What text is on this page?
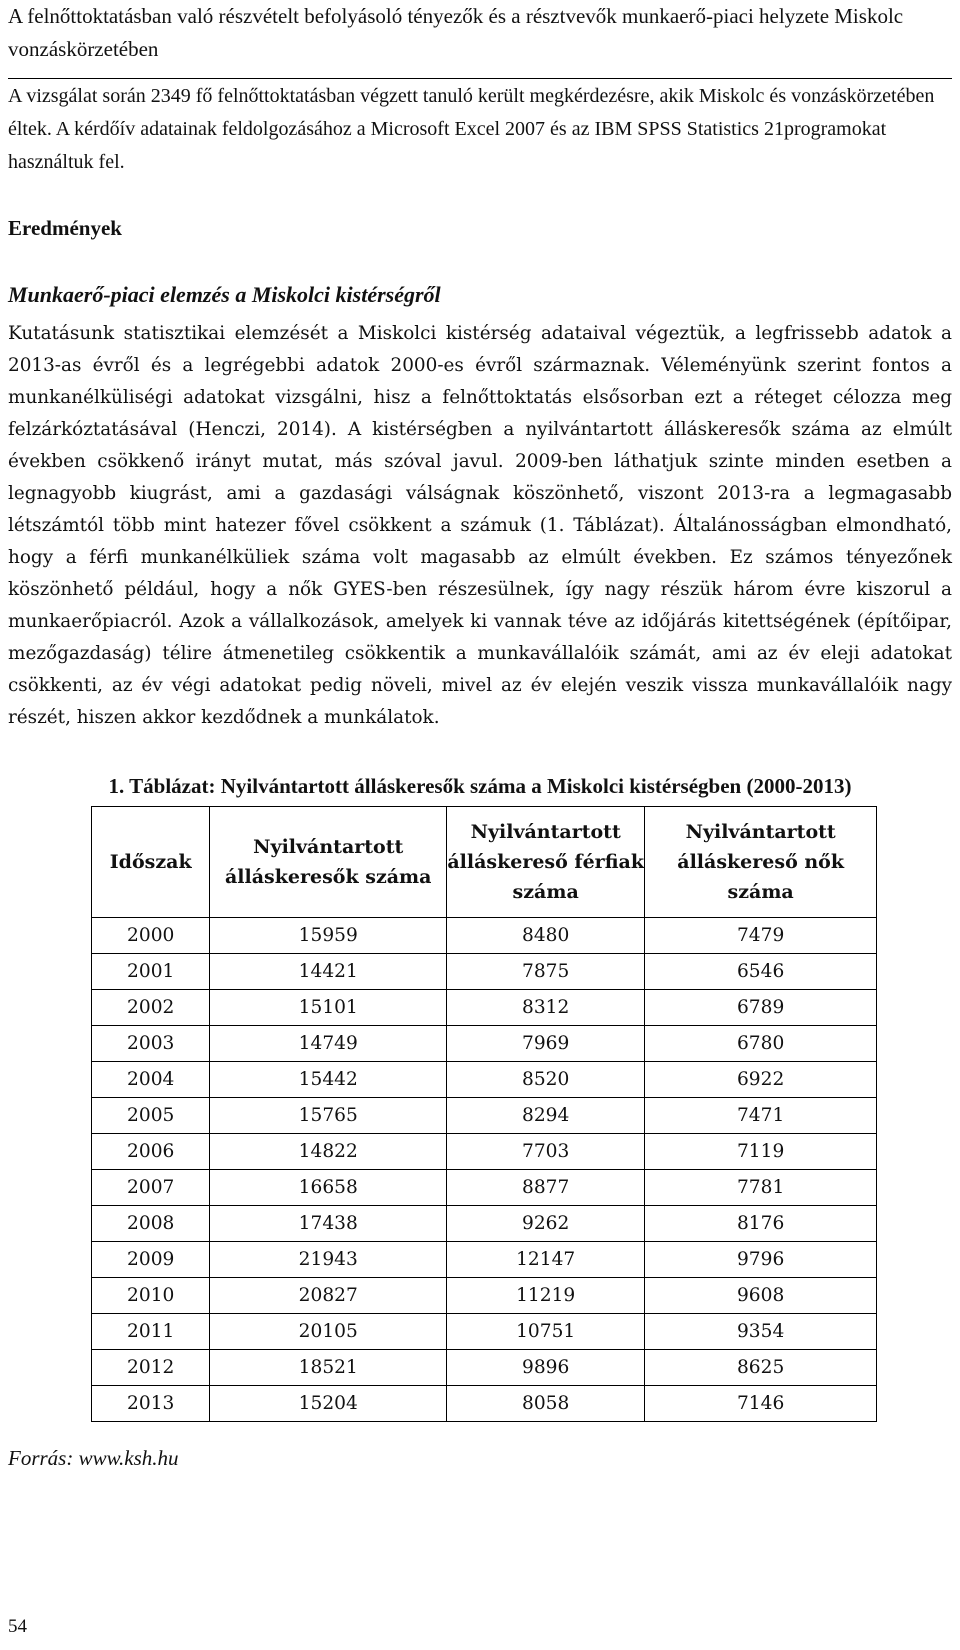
A felnőttoktatásban való részvételt befolyásoló tényezők és a résztvevők munkaerő-piaci helyzete Miskolc vonzáskörzetében

A vizsgálat során 2349 fő felnőttoktatásban végzett tanuló került megkérdezésre, akik Miskolc és vonzáskörzetében éltek. A kérdőív adatainak feldolgozásához a Microsoft Excel 2007 és az IBM SPSS Statistics 21programokat használtuk fel.

Eredmények
Munkaerő-piaci elemzés a Miskolci kistérségről

Kutatásunk statisztikai elemzését a Miskolci kistérség adataival végeztük, a legfrissebb adatok a 2013-as évről és a legrégebbi adatok 2000-es évről származnak. Véleményünk szerint fontos a munkanélküliségi adatokat vizsgálni, hisz a felnőttoktatás elsősorban ezt a réteget célozza meg felzárkóztatásával (Henczi, 2014). A kistérségben a nyilvántartott álláskeresők száma az elmúlt években csökkenő irányt mutat, más szóval javul. 2009-ben láthatjuk szinte minden esetben a legnagyobb kiugrást, ami a gazdasági válságnak köszönhető, viszont 2013-ra a legmagasabb létszámtól több mint hatezer fővel csökkent a számuk (1. Táblázat). Általánosságban elmondható, hogy a férfi munkanélküliek száma volt magasabb az elmúlt években. Ez számos tényezőnek köszönhető például, hogy a nők GYES-ben részesülnek, így nagy részük három évre kiszorul a munkaerőpiacról. Azok a vállalkozások, amelyek ki vannak téve az időjárás kitettségének (építőipar, mezőgazdaság) télire átmenetileg csökkentik a munkavállalóik számát, ami az év eleji adatokat csökkenti, az év végi adatokat pedig növeli, mivel az év elején veszik vissza munkavállalóik nagy részét, hiszen akkor kezdődnek a munkálatok.

1. Táblázat: Nyilvántartott álláskeresők száma a Miskolci kistérségben (2000-2013)

Időszak	Nyilvántartott álláskeresők száma	Nyilvántartott álláskereső férfiak száma	Nyilvántartott álláskereső nők száma
2000	15959	8480	7479
2001	14421	7875	6546
2002	15101	8312	6789
2003	14749	7969	6780
2004	15442	8520	6922
2005	15765	8294	7471
2006	14822	7703	7119
2007	16658	8877	7781
2008	17438	9262	8176
2009	21943	12147	9796
2010	20827	11219	9608
2011	20105	10751	9354
2012	18521	9896	8625
2013	15204	8058	7146

Forrás: www.ksh.hu

54
